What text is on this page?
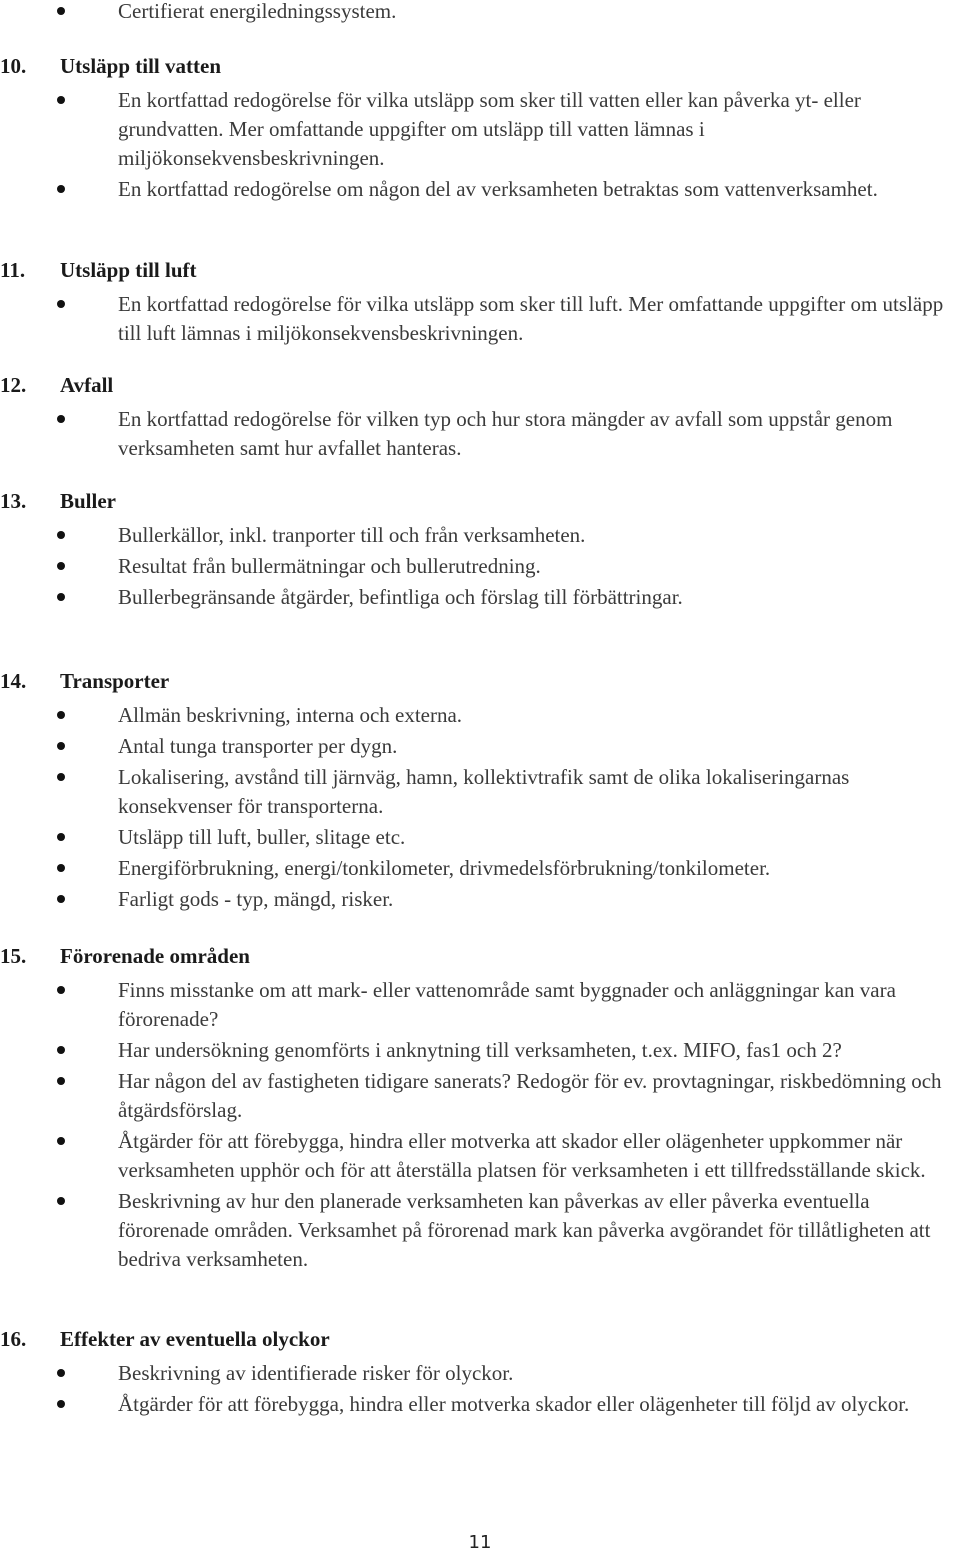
Certifierat energiledningssystem.
10. Utsläpp till vatten
En kortfattad redogörelse för vilka utsläpp som sker till vatten eller kan påverka yt- eller grundvatten. Mer omfattande uppgifter om utsläpp till vatten lämnas i miljökonsekvensbeskrivningen.
En kortfattad redogörelse om någon del av verksamheten betraktas som vattenverksamhet.
11. Utsläpp till luft
En kortfattad redogörelse för vilka utsläpp som sker till luft. Mer omfattande uppgifter om utsläpp till luft lämnas i miljökonsekvensbeskrivningen.
12. Avfall
En kortfattad redogörelse för vilken typ och hur stora mängder av avfall som uppstår genom verksamheten samt hur avfallet hanteras.
13. Buller
Bullerkällor, inkl. tranporter till och från verksamheten.
Resultat från bullermätningar och bullerutredning.
Bullerbegränsande åtgärder, befintliga och förslag till förbättringar.
14. Transporter
Allmän beskrivning, interna och externa.
Antal tunga transporter per dygn.
Lokalisering, avstånd till järnväg, hamn, kollektivtrafik samt de olika lokaliseringarnas konsekvenser för transporterna.
Utsläpp till luft, buller, slitage etc.
Energiförbrukning, energi/tonkilometer, drivmedelsförbrukning/tonkilometer.
Farligt gods - typ, mängd, risker.
15. Förorenade områden
Finns misstanke om att mark- eller vattenområde samt byggnader och anläggningar kan vara förorenade?
Har undersökning genomförts i anknytning till verksamheten, t.ex. MIFO, fas1 och 2?
Har någon del av fastigheten tidigare sanerats? Redogör för ev. provtagningar, riskbedömning och åtgärdsförslag.
Åtgärder för att förebygga, hindra eller motverka att skador eller olägenheter uppkommer när verksamheten upphör och för att återställa platsen för verksamheten i ett tillfredsställande skick.
Beskrivning av hur den planerade verksamheten kan påverkas av eller påverka eventuella förorenade områden. Verksamhet på förorenad mark kan påverka avgörandet för tillåtligheten att bedriva verksamheten.
16. Effekter av eventuella olyckor
Beskrivning av identifierade risker för olyckor.
Åtgärder för att förebygga, hindra eller motverka skador eller olägenheter till följd av olyckor.
11
